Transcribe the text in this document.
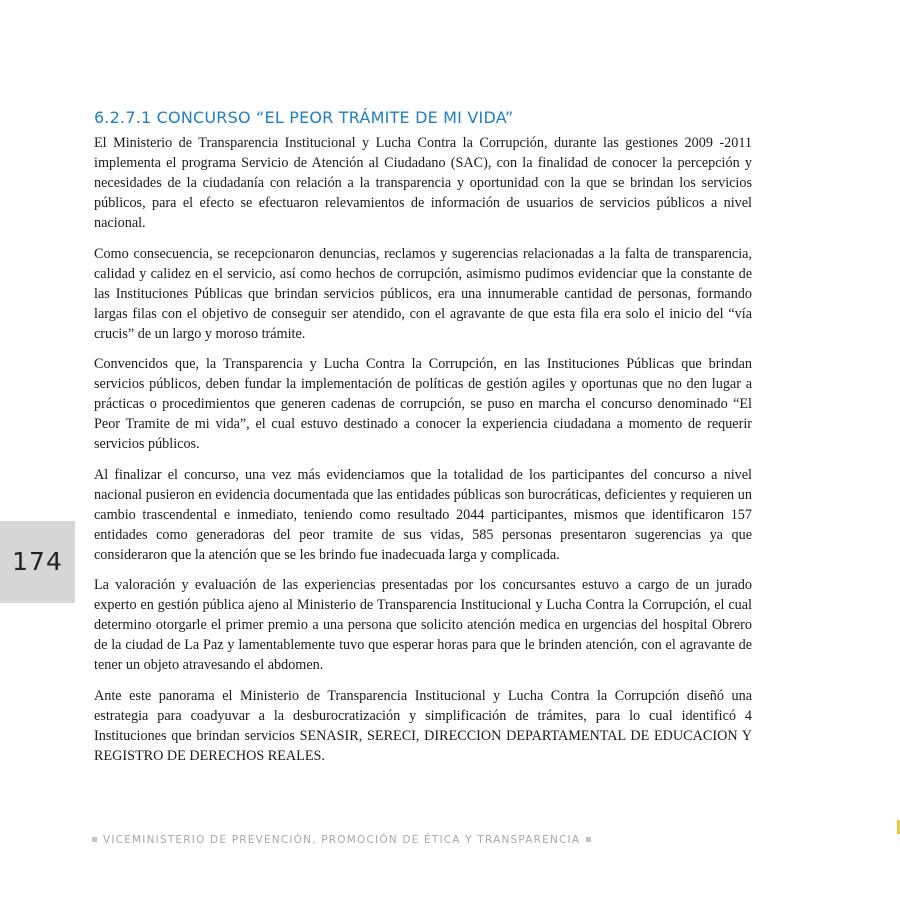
6.2.7.1 CONCURSO “EL PEOR TRÁMITE DE MI VIDA”

El Ministerio de Transparencia Institucional y Lucha Contra la Corrupción, durante las gestiones 2009 -2011 implementa el programa Servicio de Atención al Ciudadano (SAC), con la finalidad de conocer la percepción y necesidades de la ciudadanía con relación a la transparencia y oportunidad con la que se brindan los servicios públicos, para el efecto se efectuaron relevamientos de información de usuarios de servicios públicos a nivel nacional.

Como consecuencia, se recepcionaron denuncias, reclamos y sugerencias relacionadas a la falta de transparencia, calidad y calidez en el servicio, así como hechos de corrupción, asimismo pudimos evidenciar que la constante de las Instituciones Públicas que brindan servicios públicos, era una innumerable cantidad de personas, formando largas filas con el objetivo de conseguir ser atendido, con el agravante de que esta fila era solo el inicio del “vía crucis” de un largo y moroso trámite.

Convencidos que, la Transparencia y Lucha Contra la Corrupción, en las Instituciones Públicas que brindan servicios públicos, deben fundar la implementación de políticas de gestión agiles y oportunas que no den lugar a prácticas o procedimientos que generen cadenas de corrupción, se puso en marcha el concurso denominado “El Peor Tramite de mi vida”, el cual estuvo destinado a conocer la experiencia ciudadana a momento de requerir servicios públicos.

Al finalizar el concurso, una vez más evidenciamos que la totalidad de los participantes del concurso a nivel nacional pusieron en evidencia documentada que las entidades públicas son burocráticas, deficientes y requieren un cambio trascendental e inmediato, teniendo como resultado 2044 participantes, mismos que identificaron 157 entidades como generadoras del peor tramite de sus vidas, 585 personas presentaron sugerencias ya que consideraron que la atención que se les brindo fue inadecuada larga y complicada.

La valoración y evaluación de las experiencias presentadas por los concursantes estuvo a cargo de un jurado experto en gestión pública ajeno al Ministerio de Transparencia Institucional y Lucha Contra la Corrupción, el cual determino otorgarle el primer premio a una persona que solicito atención medica en urgencias del hospital Obrero de la ciudad de La Paz y lamentablemente tuvo que esperar horas para que le brinden atención, con el agravante de tener un objeto atravesando el abdomen.

Ante este panorama el Ministerio de Transparencia Institucional y Lucha Contra la Corrupción diseñó una estrategia para coadyuvar a la desburocratización y simplificación de trámites, para lo cual identificó 4 Instituciones que brindan servicios SENASIR, SERECI, DIRECCION DEPARTAMENTAL DE EDUCACION Y REGISTRO DE DERECHOS REALES.

174
VICEMINISTERIO DE PREVENCIÓN, PROMOCIÓN DE ÉTICA Y TRANSPARENCIA
